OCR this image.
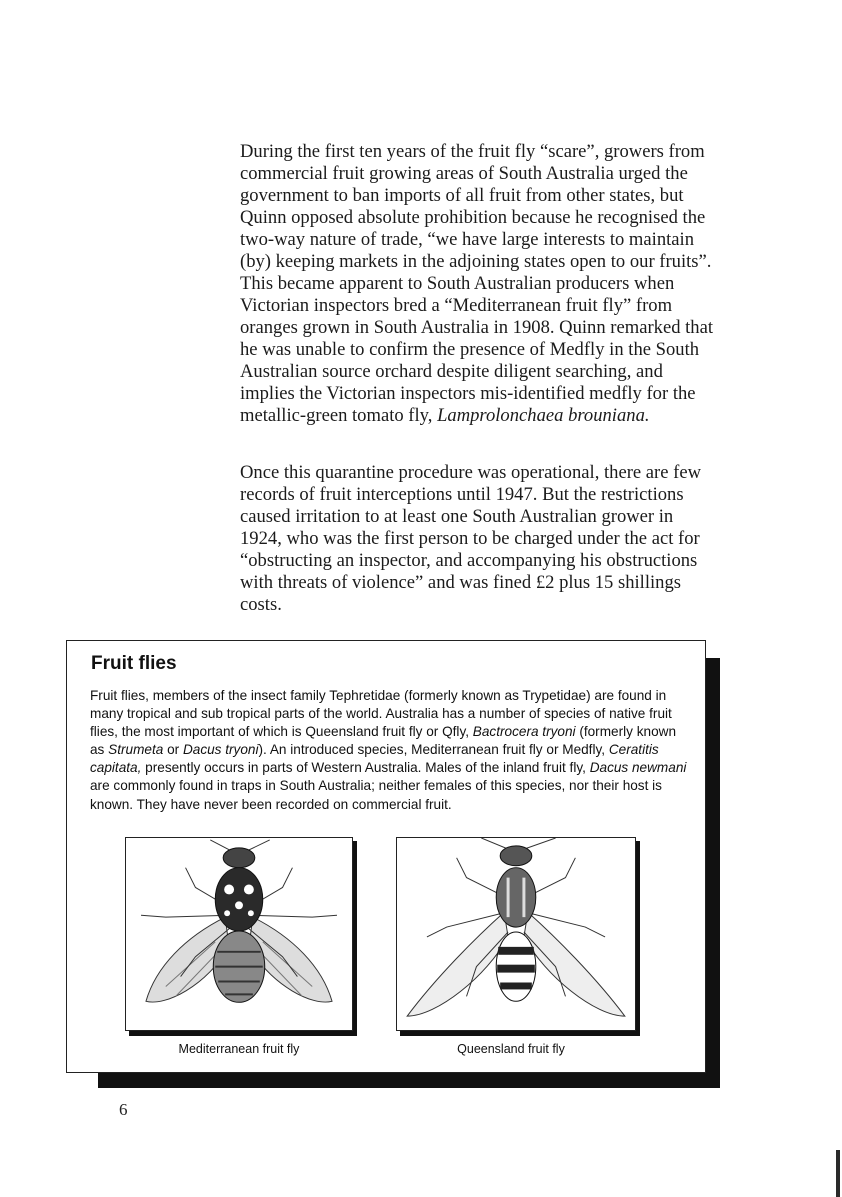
During the first ten years of the fruit fly “scare”, growers from commercial fruit growing areas of South Australia urged the government to ban imports of all fruit from other states, but Quinn opposed absolute prohibition because he recognised the two-way nature of trade, “we have large interests to maintain (by) keeping markets in the adjoining states open to our fruits”. This became apparent to South Australian producers when Victorian inspectors bred a “Mediterranean fruit fly” from oranges grown in South Australia in 1908. Quinn remarked that he was unable to confirm the presence of Medfly in the South Australian source orchard despite diligent searching, and implies the Victorian inspectors mis-identified medfly for the metallic-green tomato fly, Lamprolonchaea brouniana.

Once this quarantine procedure was operational, there are few records of fruit interceptions until 1947. But the restrictions caused irritation to at least one South Australian grower in 1924, who was the first person to be charged under the act for “obstructing an inspector, and accompanying his obstructions with threats of violence” and was fined £2 plus 15 shillings costs.

Fruit flies

Fruit flies, members of the insect family Tephretidae (formerly known as Trypetidae) are found in many tropical and sub tropical parts of the world. Australia has a number of species of native fruit flies, the most important of which is Queensland fruit fly or Qfly, Bactrocera tryoni (formerly known as Strumeta or Dacus tryoni). An introduced species, Mediterranean fruit fly or Medfly, Ceratitis capitata, presently occurs in parts of Western Australia. Males of the inland fruit fly, Dacus newmani are commonly found in traps in South Australia; neither females of this species, nor their host is known. They have never been recorded on commercial fruit.

Mediterranean fruit fly	Queensland fruit fly
6
